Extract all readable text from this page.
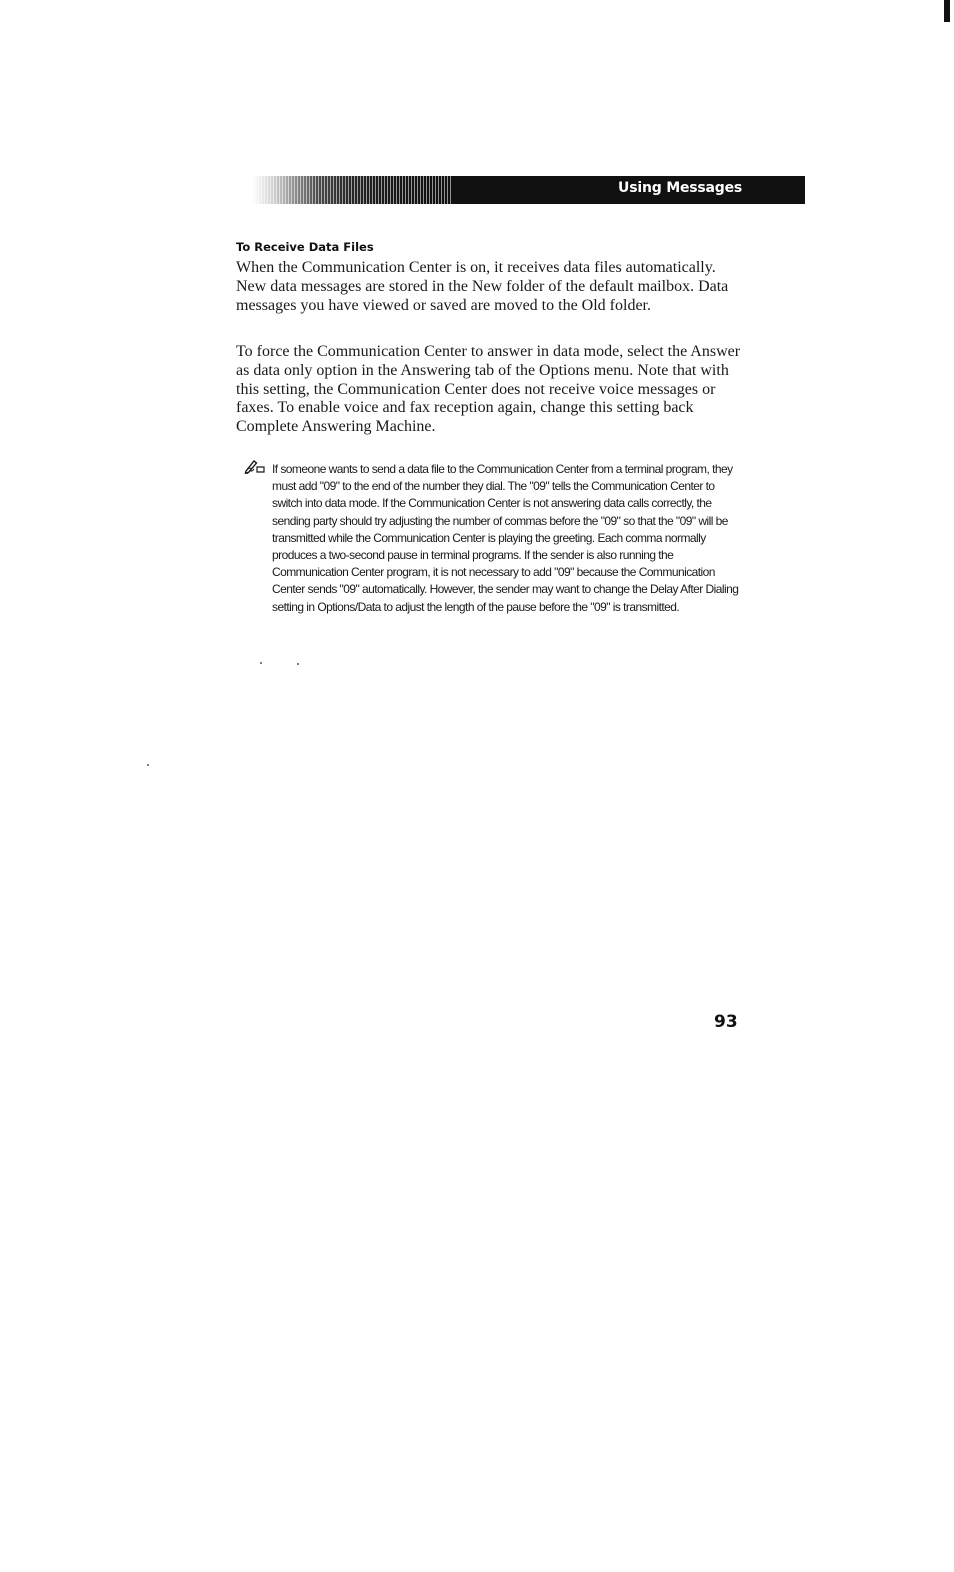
Using Messages
To Receive Data Files

When the Communication Center is on, it receives data files automatically. New data messages are stored in the New folder of the default mailbox. Data messages you have viewed or saved are moved to the Old folder.

To force the Communication Center to answer in data mode, select the Answer as data only option in the Answering tab of the Options menu. Note that with this setting, the Communication Center does not receive voice messages or faxes. To enable voice and fax reception again, change this setting back Complete Answering Machine.

If someone wants to send a data file to the Communication Center from a terminal program, they must add "09" to the end of the number they dial. The "09" tells the Communication Center to switch into data mode. If the Communication Center is not answering data calls correctly, the sending party should try adjusting the number of commas before the "09" so that the "09" will be transmitted while the Communication Center is playing the greeting. Each comma normally produces a two-second pause in terminal programs. If the sender is also running the Communication Center program, it is not necessary to add "09" because the Communication Center sends "09" automatically. However, the sender may want to change the Delay After Dialing setting in Options/Data to adjust the length of the pause before the "09" is transmitted.

93
